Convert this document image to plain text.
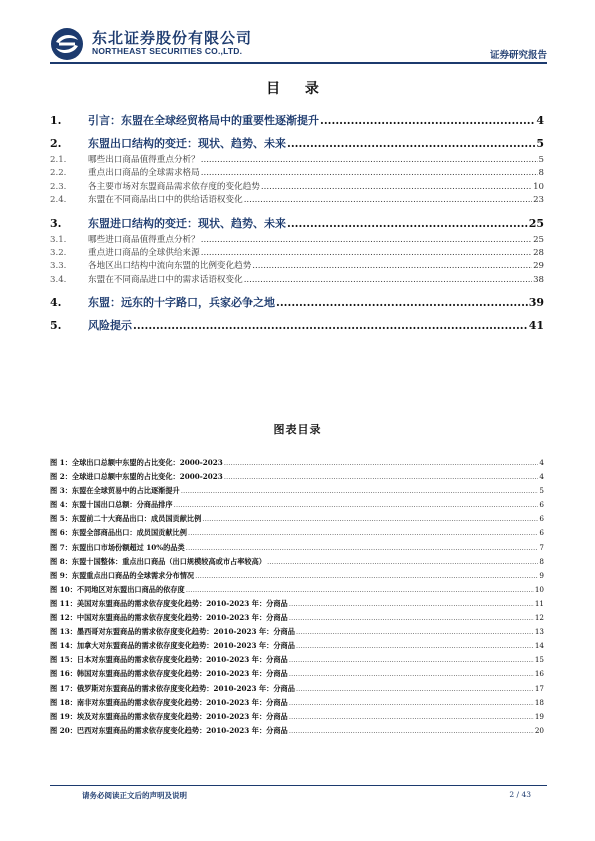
东北证券股份有限公司
NORTHEAST SECURITIES CO.,LTD.	证券研究报告
目 录
1.	引言：东盟在全球经贸格局中的重要性逐渐提升 .....	4
2.	东盟出口结构的变迁：现状、趋势、未来 .....	5
2.1.	哪些出口商品值得重点分析？ .....	5
2.2.	重点出口商品的全球需求格局 .....	8
2.3.	各主要市场对东盟商品需求依存度的变化趋势 .....	10
2.4.	东盟在不同商品出口中的供给话语权变化 .....	23
3.	东盟进口结构的变迁：现状、趋势、未来 .....	25
3.1.	哪些进口商品值得重点分析？ .....	25
3.2.	重点进口商品的全球供给来源 .....	28
3.3.	各地区出口结构中流向东盟的比例变化趋势 .....	29
3.4.	东盟在不同商品进口中的需求话语权变化 .....	38
4.	东盟：远东的十字路口，兵家必争之地 .....	39
5.	风险提示 .....	41
图表目录
图 1： 全球出口总额中东盟的占比变化：2000-2023 .....	4
图 2： 全球进口总额中东盟的占比变化：2000-2023 .....	4
图 3： 东盟在全球贸易中的占比逐渐提升 .....	5
图 4： 东盟十国出口总额：分商品排序 .....	6
图 5： 东盟前二十大商品出口：成员国贡献比例 .....	6
图 6： 东盟全部商品出口：成员国贡献比例 .....	6
图 7： 东盟出口市场份额超过 10%的品类 .....	7
图 8： 东盟十国整体：重点出口商品（出口规模较高或市占率较高） .....	8
图 9： 东盟重点出口商品的全球需求分布情况 .....	9
图 10： 不同地区对东盟出口商品的依存度 .....	10
图 11： 美国对东盟商品的需求依存度变化趋势：2010-2023 年：分商品 .....	11
图 12： 中国对东盟商品的需求依存度变化趋势：2010-2023 年：分商品 .....	12
图 13： 墨西哥对东盟商品的需求依存度变化趋势：2010-2023 年：分商品 .....	13
图 14： 加拿大对东盟商品的需求依存度变化趋势：2010-2023 年：分商品 .....	14
图 15： 日本对东盟商品的需求依存度变化趋势：2010-2023 年：分商品 .....	15
图 16： 韩国对东盟商品的需求依存度变化趋势：2010-2023 年：分商品 .....	16
图 17： 俄罗斯对东盟商品的需求依存度变化趋势：2010-2023 年：分商品 .....	17
图 18： 南非对东盟商品的需求依存度变化趋势：2010-2023 年：分商品 .....	18
图 19： 埃及对东盟商品的需求依存度变化趋势：2010-2023 年：分商品 .....	19
图 20： 巴西对东盟商品的需求依存度变化趋势：2010-2023 年：分商品 .....	20
请务必阅读正文后的声明及说明	2 / 43
